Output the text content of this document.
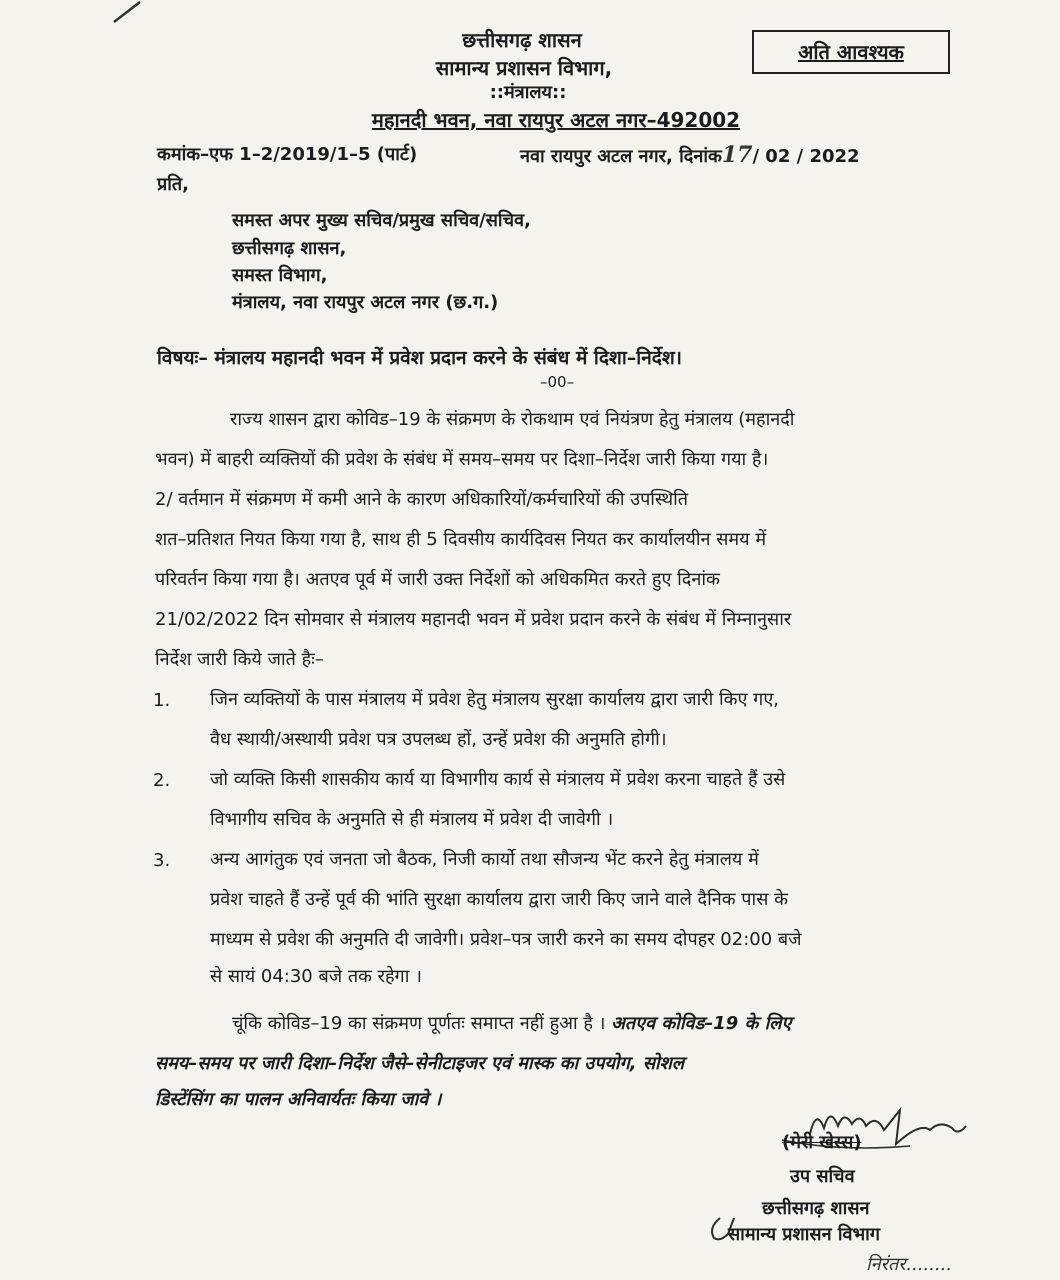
छत्तीसगढ़ शासन
सामान्य प्रशासन विभाग,
::मंत्रालय::
महानदी भवन, नवा रायपुर अटल नगर–492002
अति आवश्यक
कमांक–एफ 1–2/2019/1–5 (पार्ट)	नवा रायपुर अटल नगर, दिनांक17/ 02 / 2022
प्रति,
समस्त अपर मुख्य सचिव/प्रमुख सचिव/सचिव,
छत्तीसगढ़ शासन,
समस्त विभाग,
मंत्रालय, नवा रायपुर अटल नगर (छ.ग.)
विषयः– मंत्रालय महानदी भवन में प्रवेश प्रदान करने के संबंध में दिशा–निर्देश।
–00–
राज्य शासन द्वारा कोविड–19 के संक्रमण के रोकथाम एवं नियंत्रण हेतु मंत्रालय (महानदी
भवन) में बाहरी व्यक्तियों की प्रवेश के संबंध में समय–समय पर दिशा–निर्देश जारी किया गया है।
2/ वर्तमान में संक्रमण में कमी आने के कारण अधिकारियों/कर्मचारियों की उपस्थिति
शत–प्रतिशत नियत किया गया है, साथ ही 5 दिवसीय कार्यदिवस नियत कर कार्यालयीन समय में
परिवर्तन किया गया है। अतएव पूर्व में जारी उक्त निर्देशों को अधिकमित करते हुए दिनांक
21/02/2022 दिन सोमवार से मंत्रालय महानदी भवन में प्रवेश प्रदान करने के संबंध में निम्नानुसार
निर्देश जारी किये जाते हैः–
1. जिन व्यक्तियों के पास मंत्रालय में प्रवेश हेतु मंत्रालय सुरक्षा कार्यालय द्वारा जारी किए गए,
वैध स्थायी/अस्थायी प्रवेश पत्र उपलब्ध हों, उन्हें प्रवेश की अनुमति होगी।
2. जो व्यक्ति किसी शासकीय कार्य या विभागीय कार्य से मंत्रालय में प्रवेश करना चाहते हैं उसे
विभागीय सचिव के अनुमति से ही मंत्रालय में प्रवेश दी जावेगी ।
3. अन्य आगंतुक एवं जनता जो बैठक, निजी कार्यो तथा सौजन्य भेंट करने हेतु मंत्रालय में
प्रवेश चाहते हैं उन्हें पूर्व की भांति सुरक्षा कार्यालय द्वारा जारी किए जाने वाले दैनिक पास के
माध्यम से प्रवेश की अनुमति दी जावेगी। प्रवेश–पत्र जारी करने का समय दोपहर 02:00 बजे
से सायं 04:30 बजे तक रहेगा ।
चूंकि कोविड–19 का संक्रमण पूर्णतः समाप्त नहीं हुआ है । अतएव कोविड–19 के लिए
समय–समय पर जारी दिशा–निर्देश जैसे–सेनीटाइजर एवं मास्क का उपयोग, सोशल
डिस्टेंसिंग का पालन अनिवार्यतः किया जावे ।
(मेरी खेस्स)
उप सचिव
छत्तीसगढ़ शासन
सामान्य प्रशासन विभाग
निरंतर........
